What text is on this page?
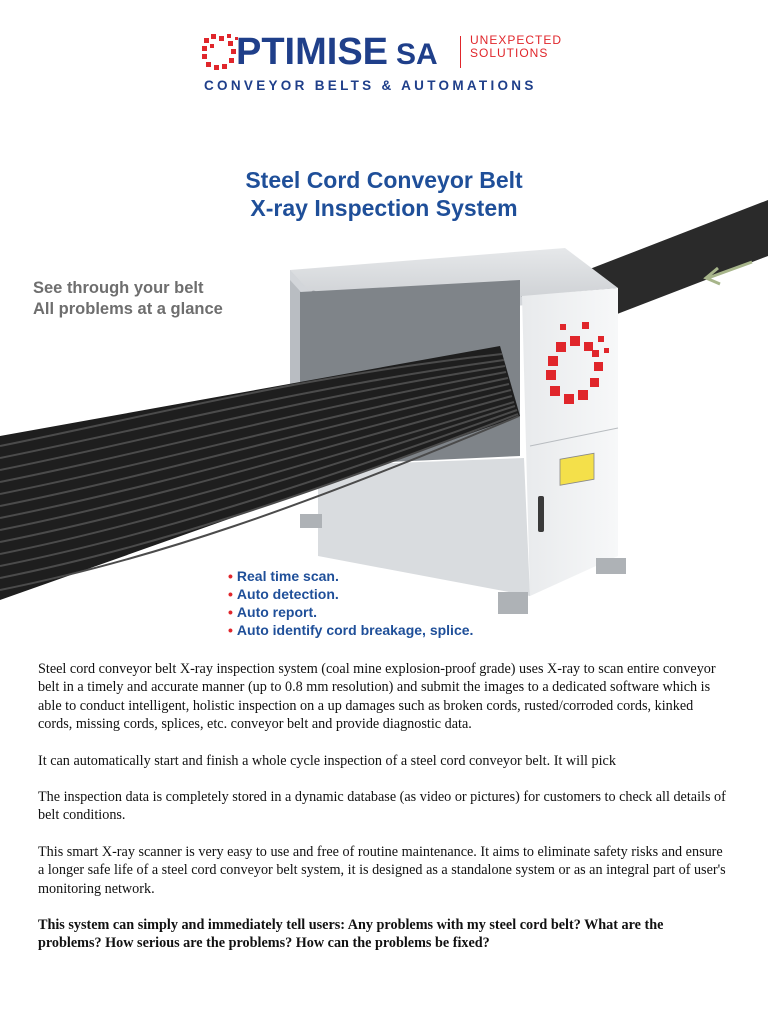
PTIMISE SA	UNEXPECTED
SOLUTIONS
CONVEYOR BELTS & AUTOMATIONS
Steel Cord Conveyor Belt
X-ray Inspection System
See through your belt
All problems at a glance
• Real time scan.
• Auto detection.
• Auto report.
• Auto identify cord breakage, splice.

Steel cord conveyor belt X-ray inspection system (coal mine explosion-proof grade) uses X-ray to scan entire conveyor belt in a timely and accurate manner (up to 0.8 mm resolution) and submit the images to a dedicated software which is able to conduct intelligent, holistic inspection on a up damages such as broken cords, rusted/corroded cords, kinked cords, missing cords, splices, etc. conveyor belt and provide diagnostic data.

It can automatically start and finish a whole cycle inspection of a steel cord conveyor belt. It will pick

The inspection data is completely stored in a dynamic database (as video or pictures) for customers to check all details of belt conditions.

This smart X-ray scanner is very easy to use and free of routine maintenance. It aims to eliminate safety risks and ensure a longer safe life of a steel cord conveyor belt system, it is designed as a standalone system or as an integral part of user's monitoring network.

This system can simply and immediately tell users: Any problems with my steel cord belt? What are the problems? How serious are the problems? How can the problems be fixed?
